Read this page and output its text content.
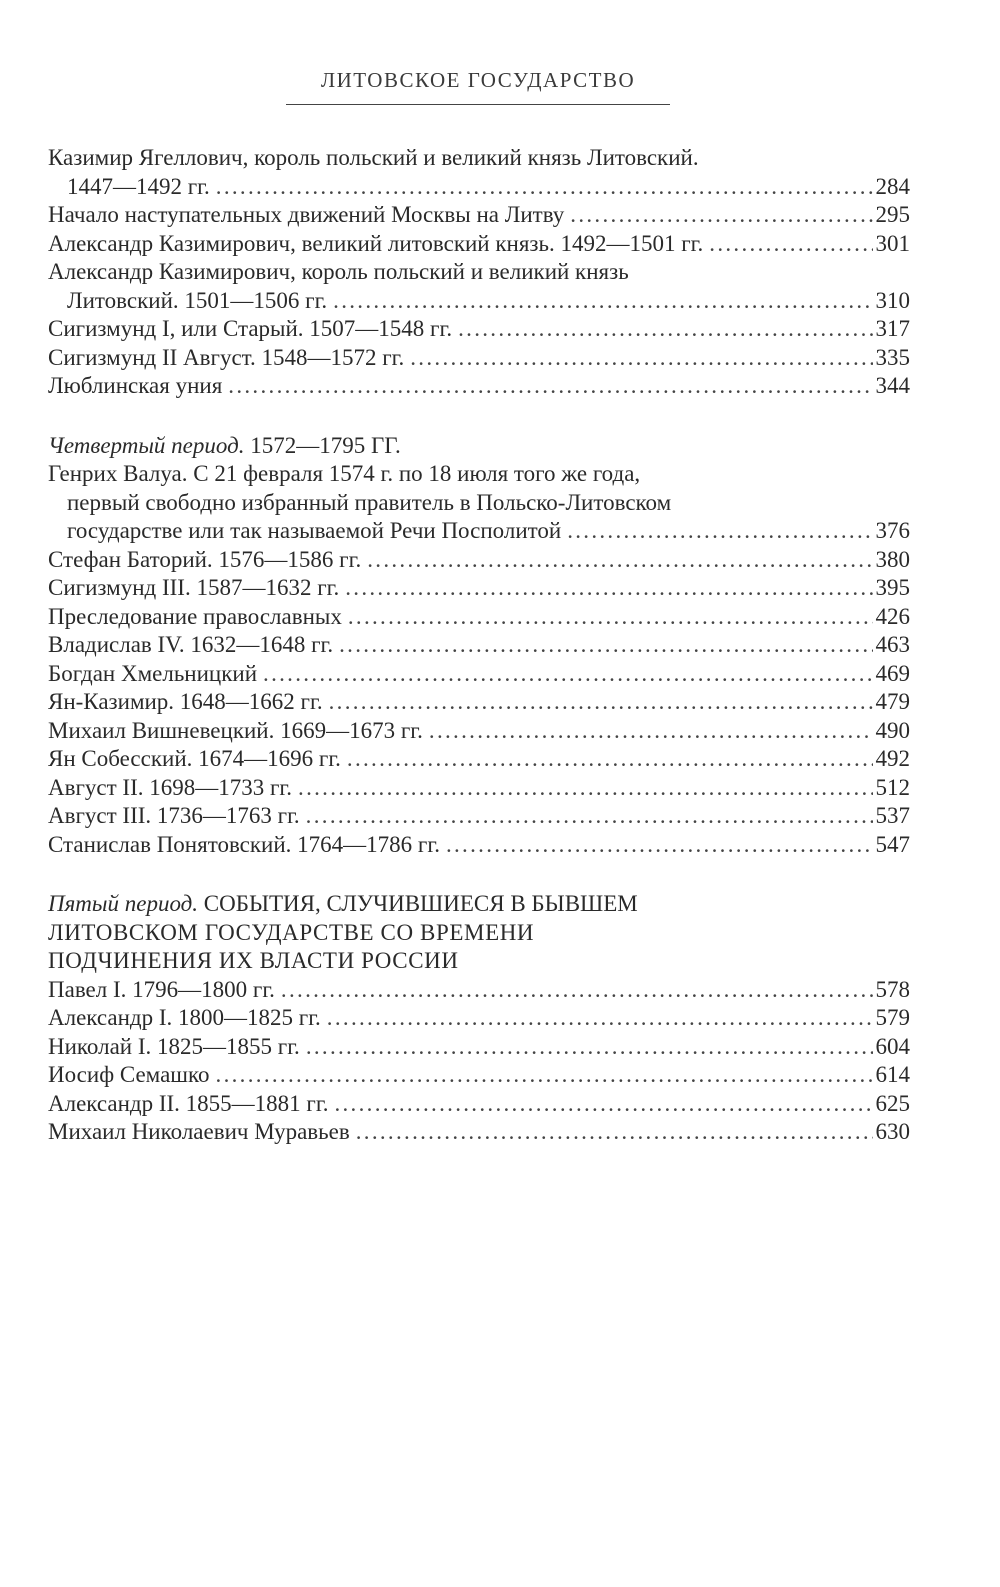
ЛИТОВСКОЕ ГОСУДАРСТВО
Казимир Ягеллович, король польский и великий князь Литовский.
1447—1492 гг. .....	284
Начало наступательных движений Москвы на Литву .....	295
Александр Казимирович, великий литовский князь. 1492—1501 гг. .....	301
Александр Казимирович, король польский и великий князь
Литовский. 1501—1506 гг. .....	310
Сигизмунд I, или Старый. 1507—1548 гг. .....	317
Сигизмунд II Август. 1548—1572 гг. .....	335
Люблинская уния .....	344
Четвертый период. 1572—1795 ГГ.
Генрих Валуа. С 21 февраля 1574 г. по 18 июля того же года,
первый свободно избранный правитель в Польско-Литовском
государстве или так называемой Речи Посполитой .....	376
Стефан Баторий. 1576—1586 гг. .....	380
Сигизмунд III. 1587—1632 гг. .....	395
Преследование православных .....	426
Владислав IV. 1632—1648 гг. .....	463
Богдан Хмельницкий .....	469
Ян-Казимир. 1648—1662 гг. .....	479
Михаил Вишневецкий. 1669—1673 гг. .....	490
Ян Собесский. 1674—1696 гг. .....	492
Август II. 1698—1733 гг. .....	512
Август III. 1736—1763 гг. .....	537
Станислав Понятовский. 1764—1786 гг. .....	547
Пятый период. СОБЫТИЯ, СЛУЧИВШИЕСЯ В БЫВШЕМ
ЛИТОВСКОМ ГОСУДАРСТВЕ СО ВРЕМЕНИ
ПОДЧИНЕНИЯ ИХ ВЛАСТИ РОССИИ
Павел I. 1796—1800 гг. .....	578
Александр I. 1800—1825 гг. .....	579
Николай I. 1825—1855 гг. .....	604
Иосиф Семашко .....	614
Александр II. 1855—1881 гг. .....	625
Михаил Николаевич Муравьев .....	630
